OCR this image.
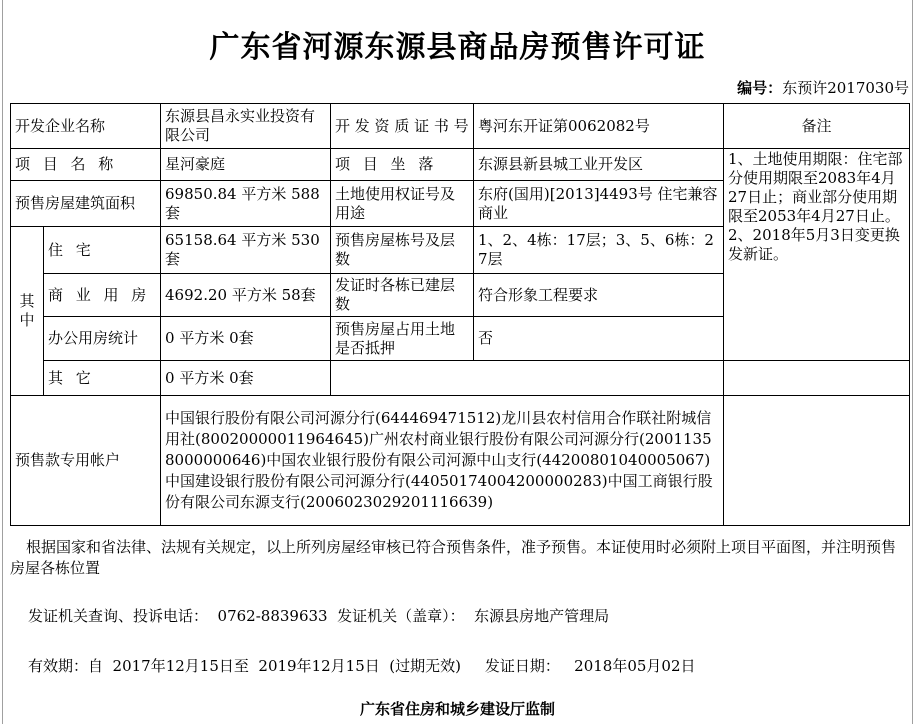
广东省河源东源县商品房预售许可证
编号：东预许2017030号
开发企业名称		东源县昌永实业投资有限公司	开 发 资 质 证 书 号	粤河东开证第0062082号	备注	
项 目 名 称		星河豪庭	项 目 坐 落	东源县新县城工业开发区	1、土地使用期限：住宅部分使用期限至2083年4月27日止；商业部分使用期限至2053年4月27日止。2、2018年5月3日变更换发新证。	
预售房屋建筑面积		69850.84 平方米 588套	土地使用权证号及用途	东府(国用)[2013]4493号 住宅兼容商业		
其中	住 宅	65158.64 平方米 530套	预售房屋栋号及层数	1、2、4栋：17层；3、5、6栋：27层		
	商 业 用 房	4692.20 平方米 58套	发证时各栋已建层数	符合形象工程要求		
	办公用房统计	0 平方米 0套	预售房屋占用土地是否抵押	否		
	其 它	0 平方米 0套				
预售款专用帐户		中国银行股份有限公司河源分行(644469471512)龙川县农村信用合作联社附城信用社(80020000011964645)广州农村商业银行股份有限公司河源分行(20011358000000646)中国农业银行股份有限公司河源中山支行(44200801040005067)中国建设银行股份有限公司河源分行(44050174004200000283)中国工商银行股份有限公司东源支行(2006023029201116639)				
根据国家和省法律、法规有关规定，以上所列房屋经审核已符合预售条件，准予预售。本证使用时必须附上项目平面图，并注明预售房屋各栋位置
发证机关查询、投诉电话：  0762-8839633  发证机关（盖章）：  东源县房地产管理局
有效期：自  2017年12月15日至  2019年12月15日  (过期无效)     发证日期：   2018年05月02日
广东省住房和城乡建设厅监制
